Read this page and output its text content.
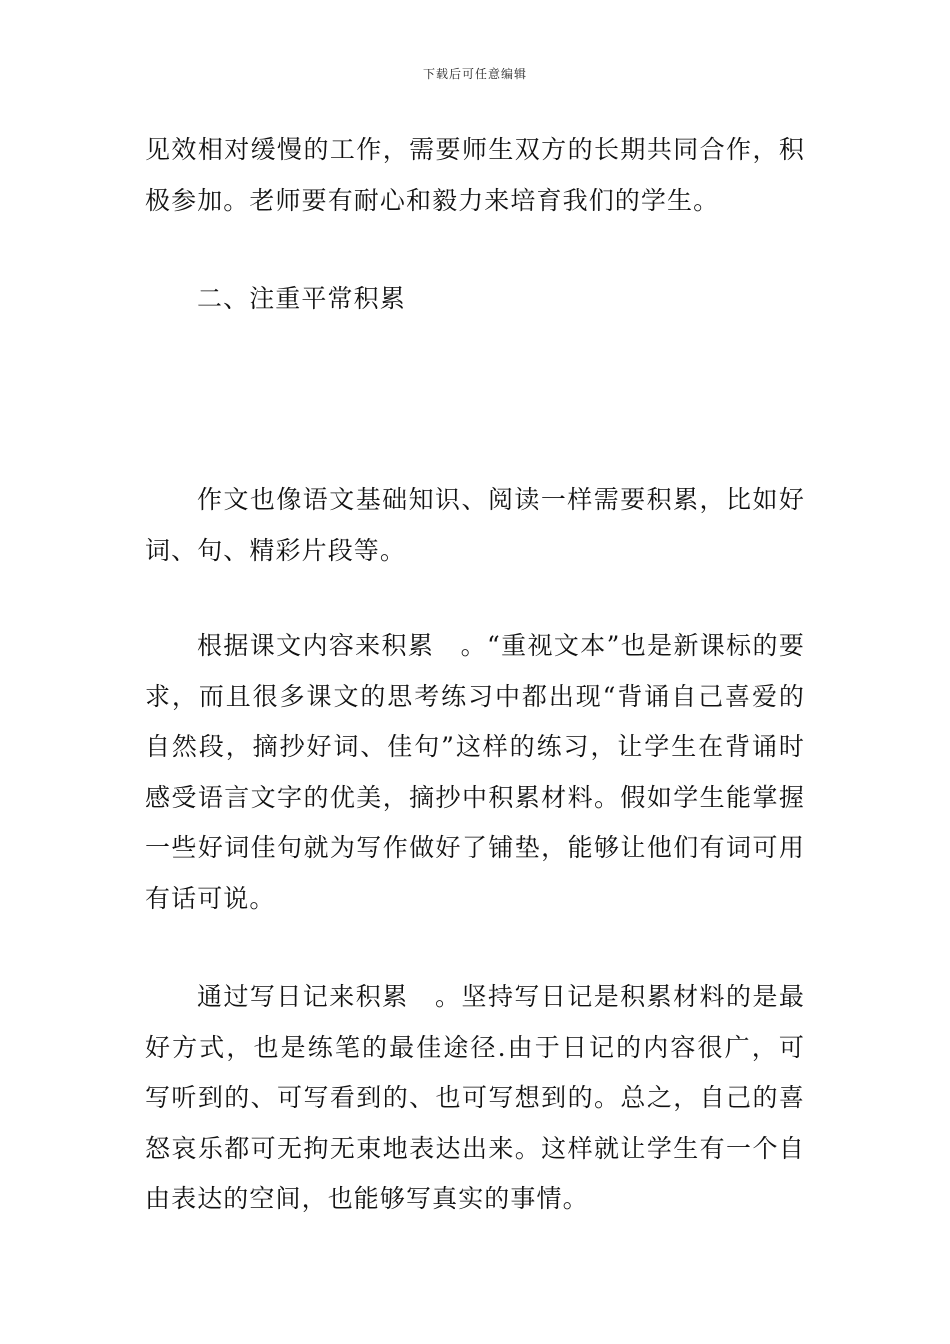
下载后可任意编辑

见效相对缓慢的工作，需要师生双方的长期共同合作，积极参加。老师要有耐心和毅力来培育我们的学生。

二、注重平常积累

作文也像语文基础知识、阅读一样需要积累，比如好词、句、精彩片段等。

根据课文内容来积累　。“重视文本”也是新课标的要求，而且很多课文的思考练习中都出现“背诵自己喜爱的自然段，摘抄好词、佳句”这样的练习，让学生在背诵时感受语言文字的优美，摘抄中积累材料。假如学生能掌握一些好词佳句就为写作做好了铺垫，能够让他们有词可用有话可说。

通过写日记来积累　。坚持写日记是积累材料的是最好方式，也是练笔的最佳途径.由于日记的内容很广，可写听到的、可写看到的、也可写想到的。总之，自己的喜怒哀乐都可无拘无束地表达出来。这样就让学生有一个自由表达的空间，也能够写真实的事情。
